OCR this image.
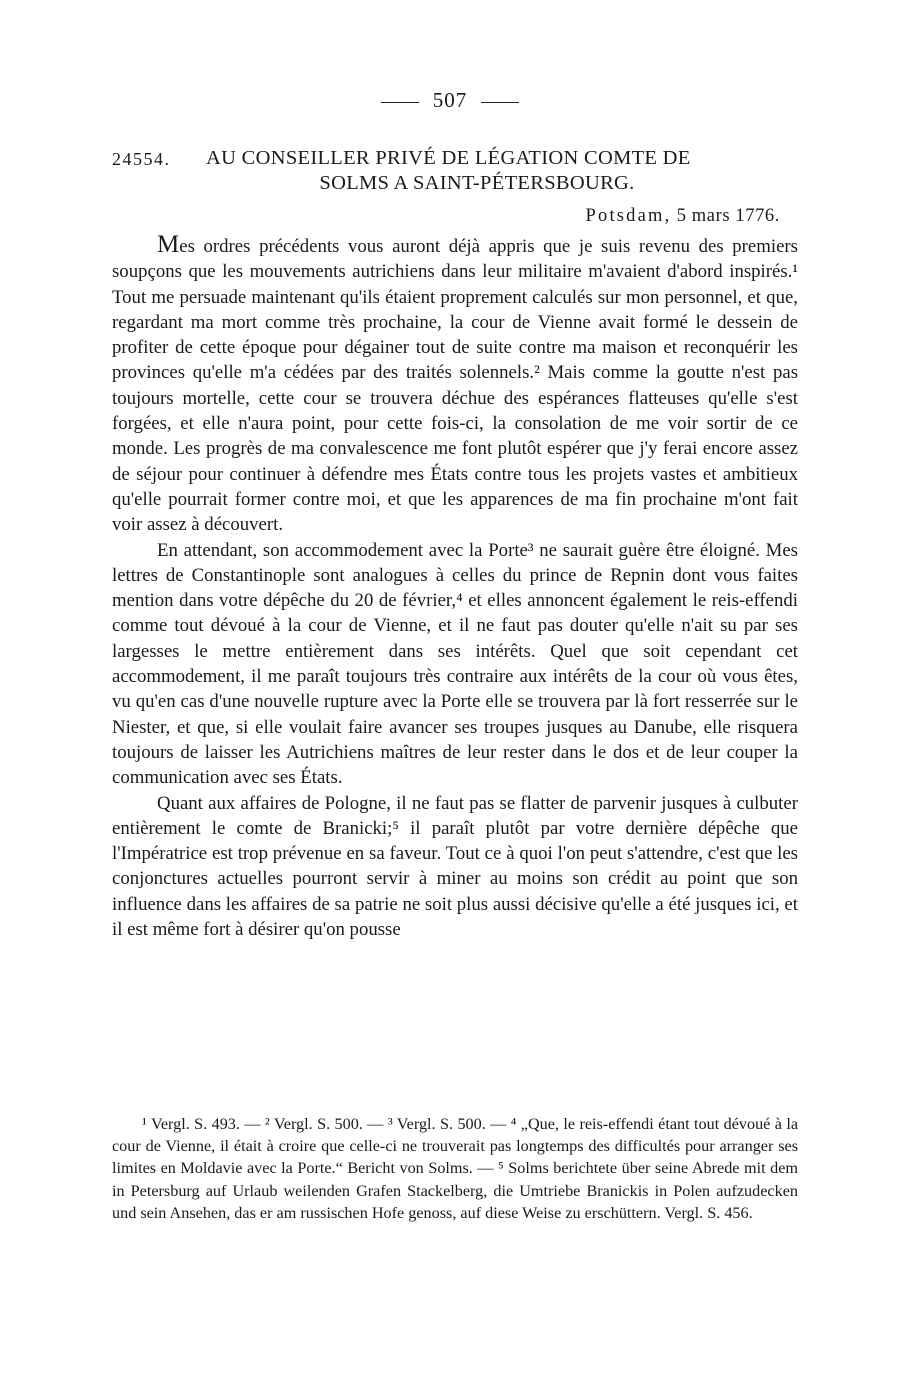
507
24554. AU CONSEILLER PRIVÉ DE LÉGATION COMTE DE
SOLMS A SAINT-PÉTERSBOURG.
Potsdam, 5 mars 1776.

Mes ordres précédents vous auront déjà appris que je suis revenu des premiers soupçons que les mouvements autrichiens dans leur militaire m'avaient d'abord inspirés.¹ Tout me persuade maintenant qu'ils étaient proprement calculés sur mon personnel, et que, regardant ma mort comme très prochaine, la cour de Vienne avait formé le dessein de profiter de cette époque pour dégainer tout de suite contre ma maison et reconquérir les provinces qu'elle m'a cédées par des traités solennels.² Mais comme la goutte n'est pas toujours mortelle, cette cour se trouvera déchue des espérances flatteuses qu'elle s'est forgées, et elle n'aura point, pour cette fois-ci, la consolation de me voir sortir de ce monde. Les progrès de ma convalescence me font plutôt espérer que j'y ferai encore assez de séjour pour continuer à défendre mes États contre tous les projets vastes et ambitieux qu'elle pourrait former contre moi, et que les apparences de ma fin prochaine m'ont fait voir assez à découvert.

En attendant, son accommodement avec la Porte³ ne saurait guère être éloigné. Mes lettres de Constantinople sont analogues à celles du prince de Repnin dont vous faites mention dans votre dépêche du 20 de février,⁴ et elles annoncent également le reis-effendi comme tout dévoué à la cour de Vienne, et il ne faut pas douter qu'elle n'ait su par ses largesses le mettre entièrement dans ses intérêts. Quel que soit cependant cet accommodement, il me paraît toujours très contraire aux intérêts de la cour où vous êtes, vu qu'en cas d'une nouvelle rupture avec la Porte elle se trouvera par là fort resserrée sur le Niester, et que, si elle voulait faire avancer ses troupes jusques au Danube, elle risquera toujours de laisser les Autrichiens maîtres de leur rester dans le dos et de leur couper la communication avec ses États.

Quant aux affaires de Pologne, il ne faut pas se flatter de parvenir jusques à culbuter entièrement le comte de Branicki;⁵ il paraît plutôt par votre dernière dépêche que l'Impératrice est trop prévenue en sa faveur. Tout ce à quoi l'on peut s'attendre, c'est que les conjonctures actuelles pourront servir à miner au moins son crédit au point que son influence dans les affaires de sa patrie ne soit plus aussi décisive qu'elle a été jusques ici, et il est même fort à désirer qu'on pousse

¹ Vergl. S. 493. — ² Vergl. S. 500. — ³ Vergl. S. 500. — ⁴ „Que, le reis-effendi étant tout dévoué à la cour de Vienne, il était à croire que celle-ci ne trouverait pas longtemps des difficultés pour arranger ses limites en Moldavie avec la Porte.“ Bericht von Solms. — ⁵ Solms berichtete über seine Abrede mit dem in Petersburg auf Urlaub weilenden Grafen Stackelberg, die Umtriebe Branickis in Polen aufzudecken und sein Ansehen, das er am russischen Hofe genoss, auf diese Weise zu erschüttern. Vergl. S. 456.
